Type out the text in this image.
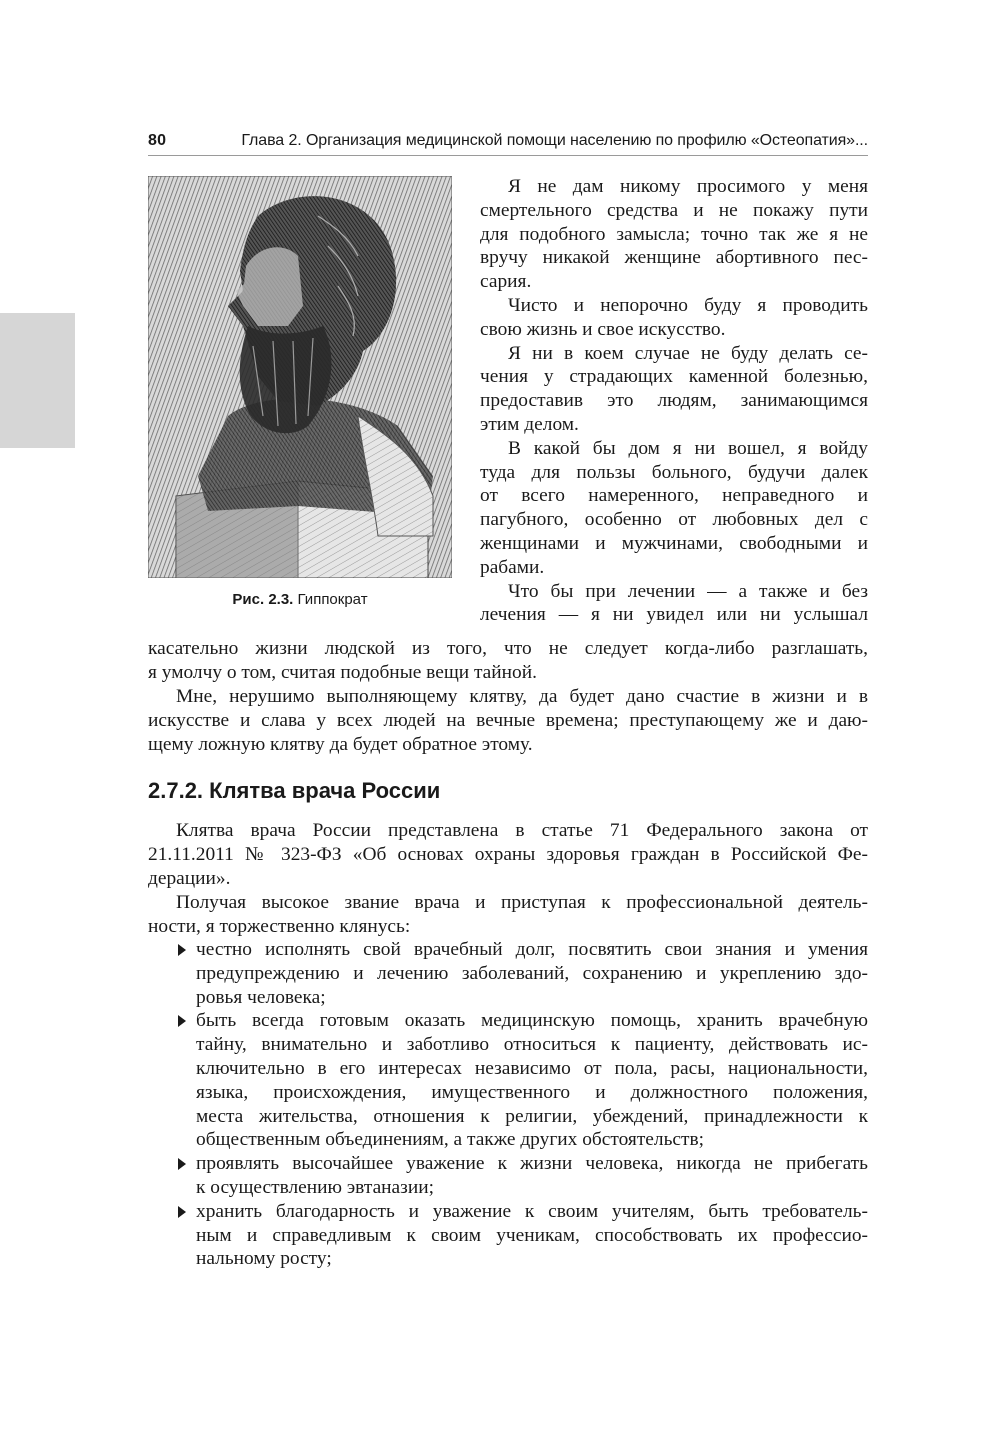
80	Глава 2. Организация медицинской помощи населению по профилю «Остеопатия»...
Рис. 2.3. Гиппократ
Я не дам никому просимого у меня
смертельного средства и не покажу пути
для подобного замысла; точно так же я не
вручу никакой женщине абортивного пес-
сария.
Чисто и непорочно буду я проводить
свою жизнь и свое искусство.
Я ни в коем случае не буду делать се-
чения у страдающих каменной болезнью,
предоставив это людям, занимающимся
этим делом.
В какой бы дом я ни вошел, я войду
туда для пользы больного, будучи далек
от всего намеренного, неправедного и
пагубного, особенно от любовных дел с
женщинами и мужчинами, свободными и
рабами.
Что бы при лечении — а также и без
лечения — я ни увидел или ни услышал
касательно жизни людской из того, что не следует когда-либо разглашать,
я умолчу о том, считая подобные вещи тайной.
Мне, нерушимо выполняющему клятву, да будет дано счастие в жизни и в
искусстве и слава у всех людей на вечные времена; преступающему же и даю-
щему ложную клятву да будет обратное этому.
2.7.2. Клятва врача России
Клятва врача России представлена в статье 71 Федерального закона от
21.11.2011 № 323-ФЗ «Об основах охраны здоровья граждан в Российской Фе-
дерации».
Получая высокое звание врача и приступая к профессиональной деятель-
ности, я торжественно клянусь:
честно исполнять свой врачебный долг, посвятить свои знания и умения
предупреждению и лечению заболеваний, сохранению и укреплению здо-
ровья человека;
быть всегда готовым оказать медицинскую помощь, хранить врачебную
тайну, внимательно и заботливо относиться к пациенту, действовать ис-
ключительно в его интересах независимо от пола, расы, национальности,
языка, происхождения, имущественного и должностного положения,
места жительства, отношения к религии, убеждений, принадлежности к
общественным объединениям, а также других обстоятельств;
проявлять высочайшее уважение к жизни человека, никогда не прибегать
к осуществлению эвтаназии;
хранить благодарность и уважение к своим учителям, быть требователь-
ным и справедливым к своим ученикам, способствовать их профессио-
нальному росту;
